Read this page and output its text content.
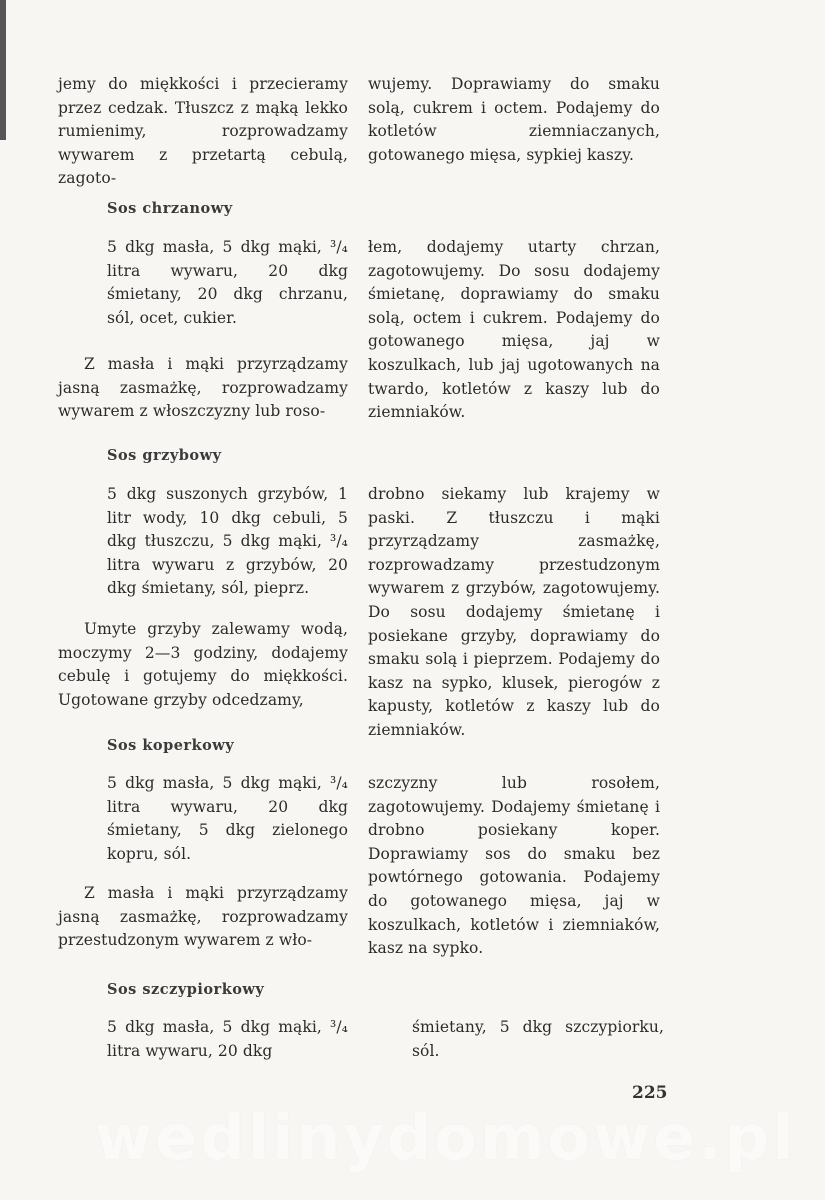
jemy do miękkości i przecieramy przez cedzak. Tłuszcz z mąką lekko rumienimy, rozprowadzamy wywarem z przetartą cebulą, zagoto-
wujemy. Doprawiamy do smaku solą, cukrem i octem. Podajemy do kotletów ziemniaczanych, gotowanego mięsa, sypkiej kaszy.
Sos chrzanowy
5 dkg masła, 5 dkg mąki, ³/₄ litra wywaru, 20 dkg śmietany, 20 dkg chrzanu, sól, ocet, cukier.
Z masła i mąki przyrządzamy jasną zasmażkę, rozprowadzamy wywarem z włoszczyzny lub roso-
łem, dodajemy utarty chrzan, zagotowujemy. Do sosu dodajemy śmietanę, doprawiamy do smaku solą, octem i cukrem. Podajemy do gotowanego mięsa, jaj w koszulkach, lub jaj ugotowanych na twardo, kotletów z kaszy lub do ziemniaków.
Sos grzybowy
5 dkg suszonych grzybów, 1 litr wody, 10 dkg cebuli, 5 dkg tłuszczu, 5 dkg mąki, ³/₄ litra wywaru z grzybów, 20 dkg śmietany, sól, pieprz.
Umyte grzyby zalewamy wodą, moczymy 2—3 godziny, dodajemy cebulę i gotujemy do miękkości. Ugotowane grzyby odcedzamy,
drobno siekamy lub krajemy w paski. Z tłuszczu i mąki przyrządzamy zasmażkę, rozprowadzamy przestudzonym wywarem z grzybów, zagotowujemy. Do sosu dodajemy śmietanę i posiekane grzyby, doprawiamy do smaku solą i pieprzem. Podajemy do kasz na sypko, klusek, pierogów z kapusty, kotletów z kaszy lub do ziemniaków.
Sos koperkowy
5 dkg masła, 5 dkg mąki, ³/₄ litra wywaru, 20 dkg śmietany, 5 dkg zielonego kopru, sól.
Z masła i mąki przyrządzamy jasną zasmażkę, rozprowadzamy przestudzonym wywarem z wło-
szczyzny lub rosołem, zagotowujemy. Dodajemy śmietanę i drobno posiekany koper. Doprawiamy sos do smaku bez powtórnego gotowania. Podajemy do gotowanego mięsa, jaj w koszulkach, kotletów i ziemniaków, kasz na sypko.
Sos szczypiorkowy
5 dkg masła, 5 dkg mąki, ³/₄ litra wywaru, 20 dkg
śmietany, 5 dkg szczypiorku, sól.
225
wedlinydomowe.pl
